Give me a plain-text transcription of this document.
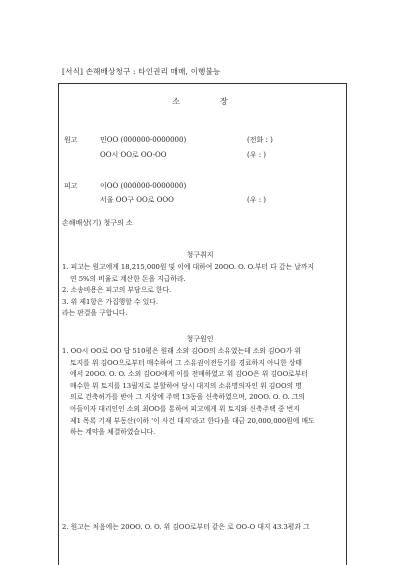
[서식] 손해배상청구 : 타인권리 매매, 이행불능
소	장
원고	민OO (000000-0000000)	(전화 : )
OO시 OO로 OO-OO	(우 : )
피고	이OO (000000-0000000)
서울 OO구 OO로 OOO	(우 : )
손해배상(기) 청구의 소
청구취지
1. 피고는 원고에게 18,215,000원 및 이에 대하여 20OO. O. O.부터 다 갚는 날까지
연 5%의 비율로 계산한 돈을 지급하라.
2. 소송비용은 피고의 부담으로 한다.
3. 위 제1항은 가집행할 수 있다.
라는 판결을 구합니다.
청구원인
1. OO시 OO로 OO 답 510평은 원래 소외 김OO의 소유였는데 소외 김OO가 위
토지를 위 김OO으로부터 매수하여 그 소유권이전등기를 경료하지 아니한 상태
에서 20OO. O. O. 소외 김OO에게 이를 전매하였고 위 김OO은 위 김OO로부터
매수한 위 토지를 13필지로 분할하여 당시 대지의 소유명의자인 위 김OO의 명
의로 건축허가를 받아 그 지상에 주택 13동을 신축하였으며, 20OO. O. O. 그의
아들이자 대리인인 소외 최OO를 통하여 피고에게 위 토지와 신축주택 중 번지
제1 목록 기재 부동산(이하 '이 사건 대지'라고 한다)을 대금 20,000,000원에 매도
하는 계약을 체결하였습니다.
2. 원고는 처음에는 20OO. O. O. 위 김OO로부터 같은 로 OO-O 대지 43.3평과 그
